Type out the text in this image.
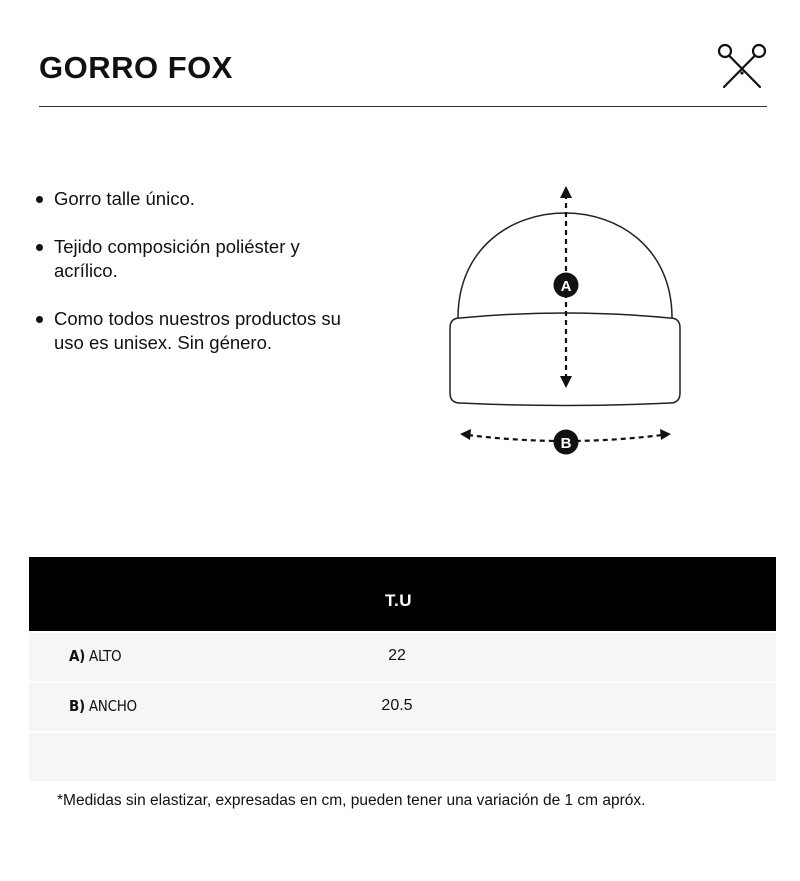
GORRO FOX
Gorro talle único.
Tejido composición poliéster y acrílico.
Como todos nuestros productos su uso es unisex. Sin género.
A
B
T.U
A) ALTO	22
B) ANCHO	20.5
*Medidas sin elastizar, expresadas en cm, pueden tener una variación de 1 cm apróx.
